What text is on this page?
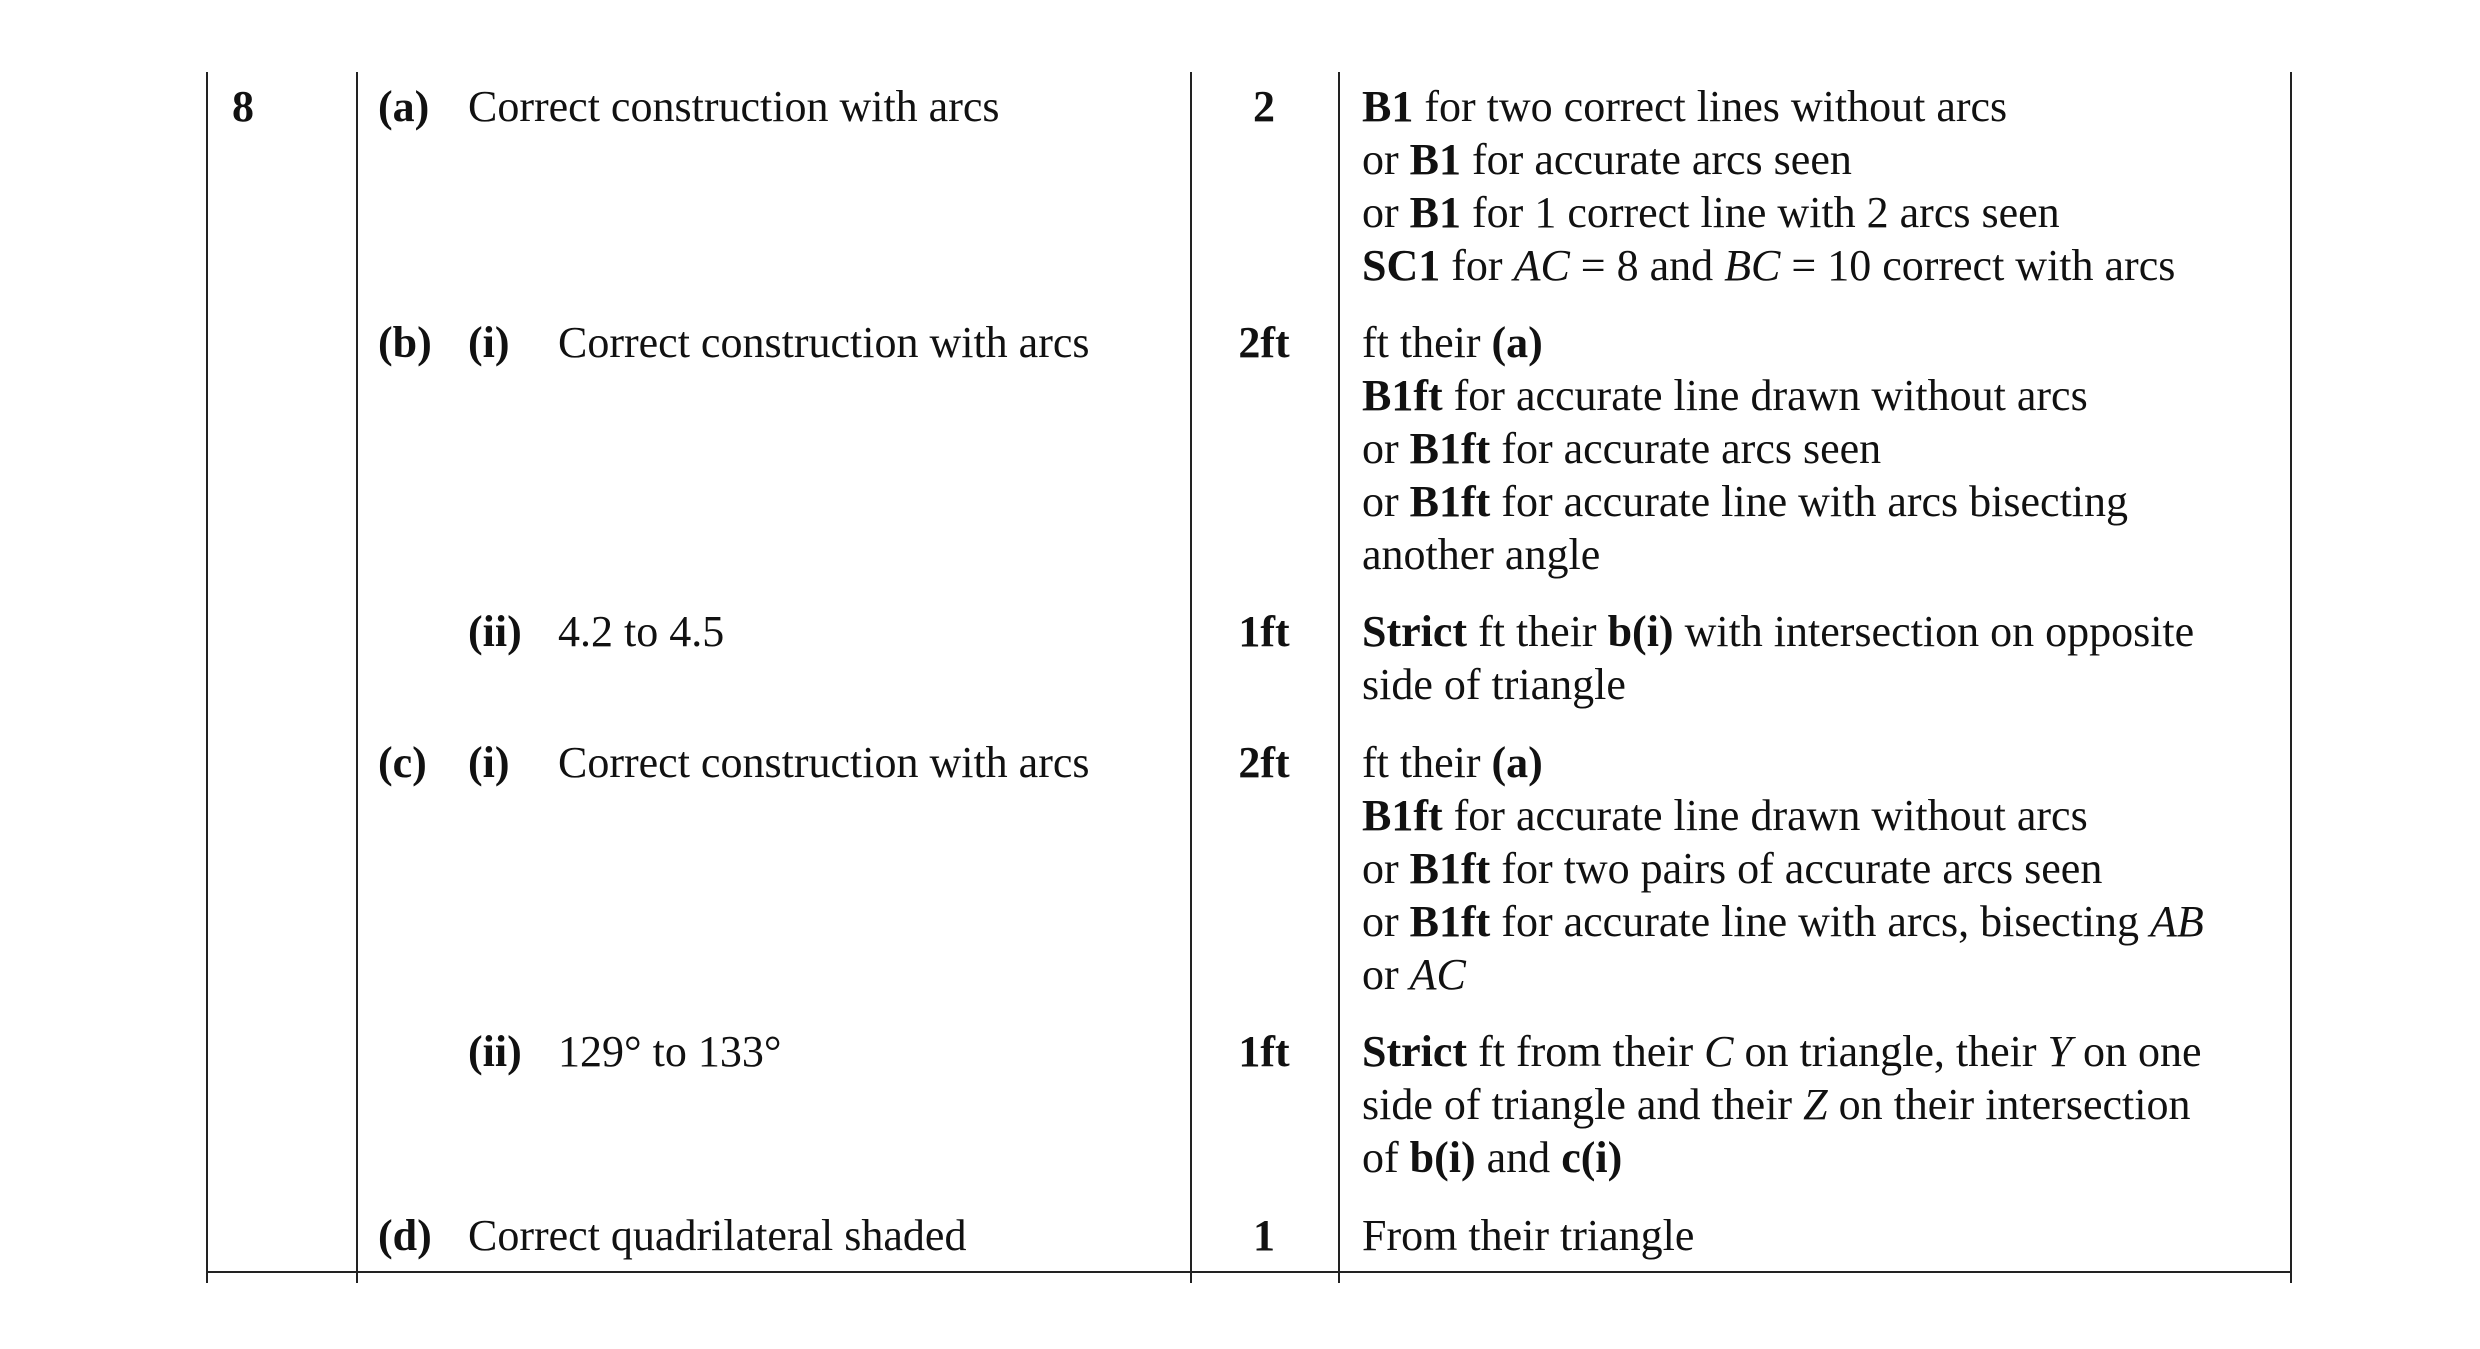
8	(a) Correct construction with arcs	2	B1 for two correct lines without arcs
or B1 for accurate arcs seen
or B1 for 1 correct line with 2 arcs seen
SC1 for AC = 8 and BC = 10 correct with arcs
(b) (i) Correct construction with arcs	2ft	ft their (a)
B1ft for accurate line drawn without arcs
or B1ft for accurate arcs seen
or B1ft for accurate line with arcs bisecting
another angle
(ii) 4.2 to 4.5	1ft	Strict ft their b(i) with intersection on opposite
side of triangle
(c) (i) Correct construction with arcs	2ft	ft their (a)
B1ft for accurate line drawn without arcs
or B1ft for two pairs of accurate arcs seen
or B1ft for accurate line with arcs, bisecting AB
or AC
(ii) 129° to 133°	1ft	Strict ft from their C on triangle, their Y on one
side of triangle and their Z on their intersection
of b(i) and c(i)
(d) Correct quadrilateral shaded	1	From their triangle
